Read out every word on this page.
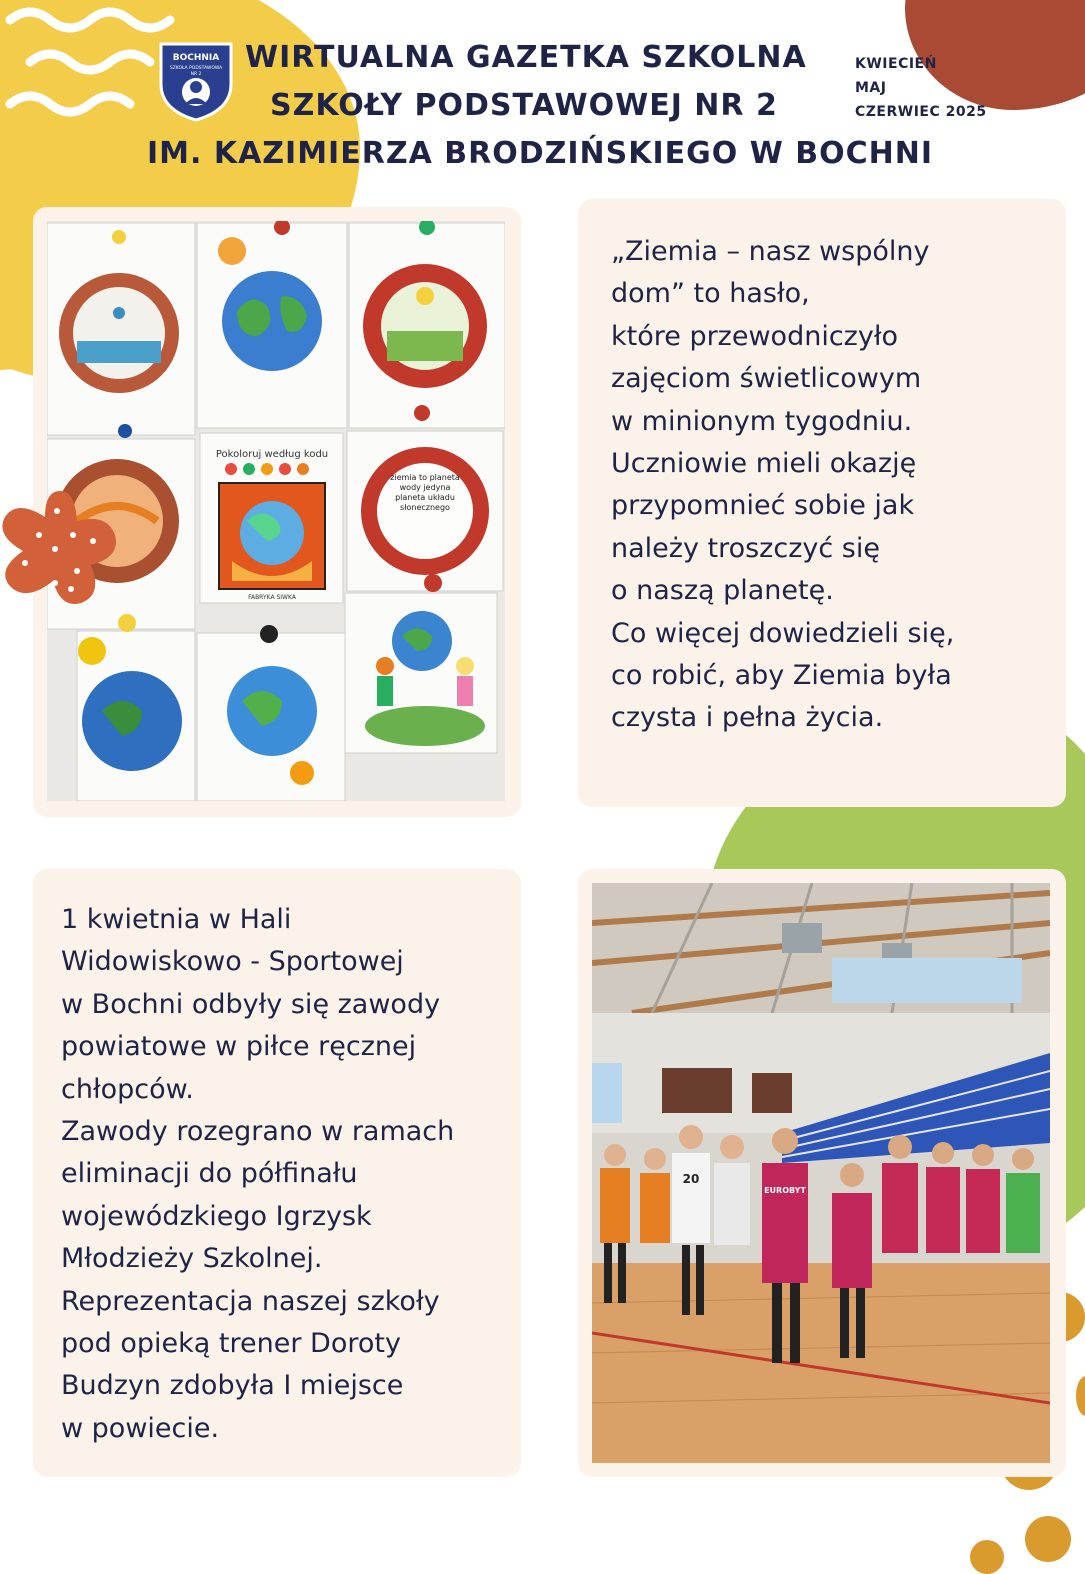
BOCHNIA
SZKOŁA PODSTAWOWA
NR 2 WIRTUALNA GAZETKA SZKOLNA
SZKOŁY PODSTAWOWEJ NR 2
IM. KAZIMIERZA BRODZIŃSKIEGO W BOCHNI
KWIECIEŃ
MAJ
CZERWIEC 2025
Pokoloruj według kodu
FABRYKA SIWKA
ziemia to planeta wody jedyna planeta układu słonecznego
„Ziemia – nasz wspólny
dom” to hasło,
które przewodniczyło
zajęciom świetlicowym
w minionym tygodniu.
Uczniowie mieli okazję
przypomnieć sobie jak
należy troszczyć się
o naszą planetę.
Co więcej dowiedzieli się,
co robić, aby Ziemia była
czysta i pełna życia.
1 kwietnia w Hali
Widowiskowo - Sportowej
w Bochni odbyły się zawody
powiatowe w piłce ręcznej
chłopców.
Zawody rozegrano w ramach
eliminacji do półfinału
wojewódzkiego Igrzysk
Młodzieży Szkolnej.
Reprezentacja naszej szkoły
pod opieką trener Doroty
Budzyn zdobyła I miejsce
w powiecie.
20
EUROBYT
